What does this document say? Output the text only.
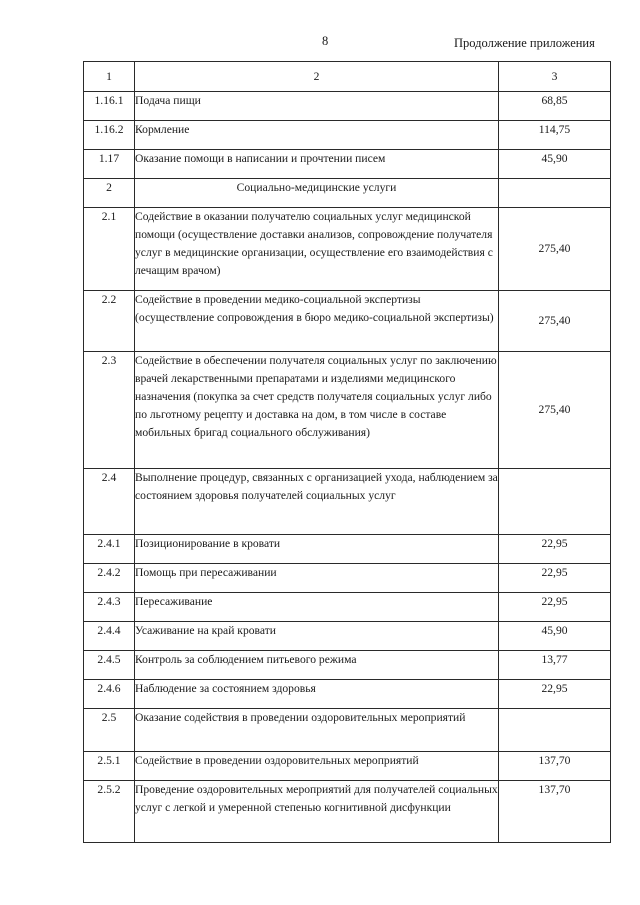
8	Продолжение приложения
1	2	3
1.16.1	Подача пищи	68,85
1.16.2	Кормление	114,75
1.17	Оказание помощи в написании и прочтении писем	45,90
2	Социально-медицинские услуги	
2.1	Содействие в оказании получателю социальных услуг медицинской помощи (осуществление доставки анализов, сопровождение получателя услуг в медицинские организации, осуществление его взаимодействия с лечащим врачом)	275,40
2.2	Содействие в проведении медико-социальной экспертизы (осуществление сопровождения в бюро медико-социальной экспертизы)	275,40
2.3	Содействие в обеспечении получателя социальных услуг по заключению врачей лекарственными препаратами и изделиями медицинского назначения (покупка за счет средств получателя социальных услуг либо по льготному рецепту и доставка на дом, в том числе в составе мобильных бригад социального обслуживания)	275,40
2.4	Выполнение процедур, связанных с организацией ухода, наблюдением за состоянием здоровья получателей социальных услуг	
2.4.1	Позиционирование в кровати	22,95
2.4.2	Помощь при пересаживании	22,95
2.4.3	Пересаживание	22,95
2.4.4	Усаживание на край кровати	45,90
2.4.5	Контроль за соблюдением питьевого режима	13,77
2.4.6	Наблюдение за состоянием здоровья	22,95
2.5	Оказание содействия в проведении оздоровительных мероприятий	
2.5.1	Содействие в проведении оздоровительных мероприятий	137,70
2.5.2	Проведение оздоровительных мероприятий для получателей социальных услуг с легкой и умеренной степенью когнитивной дисфункции	137,70
